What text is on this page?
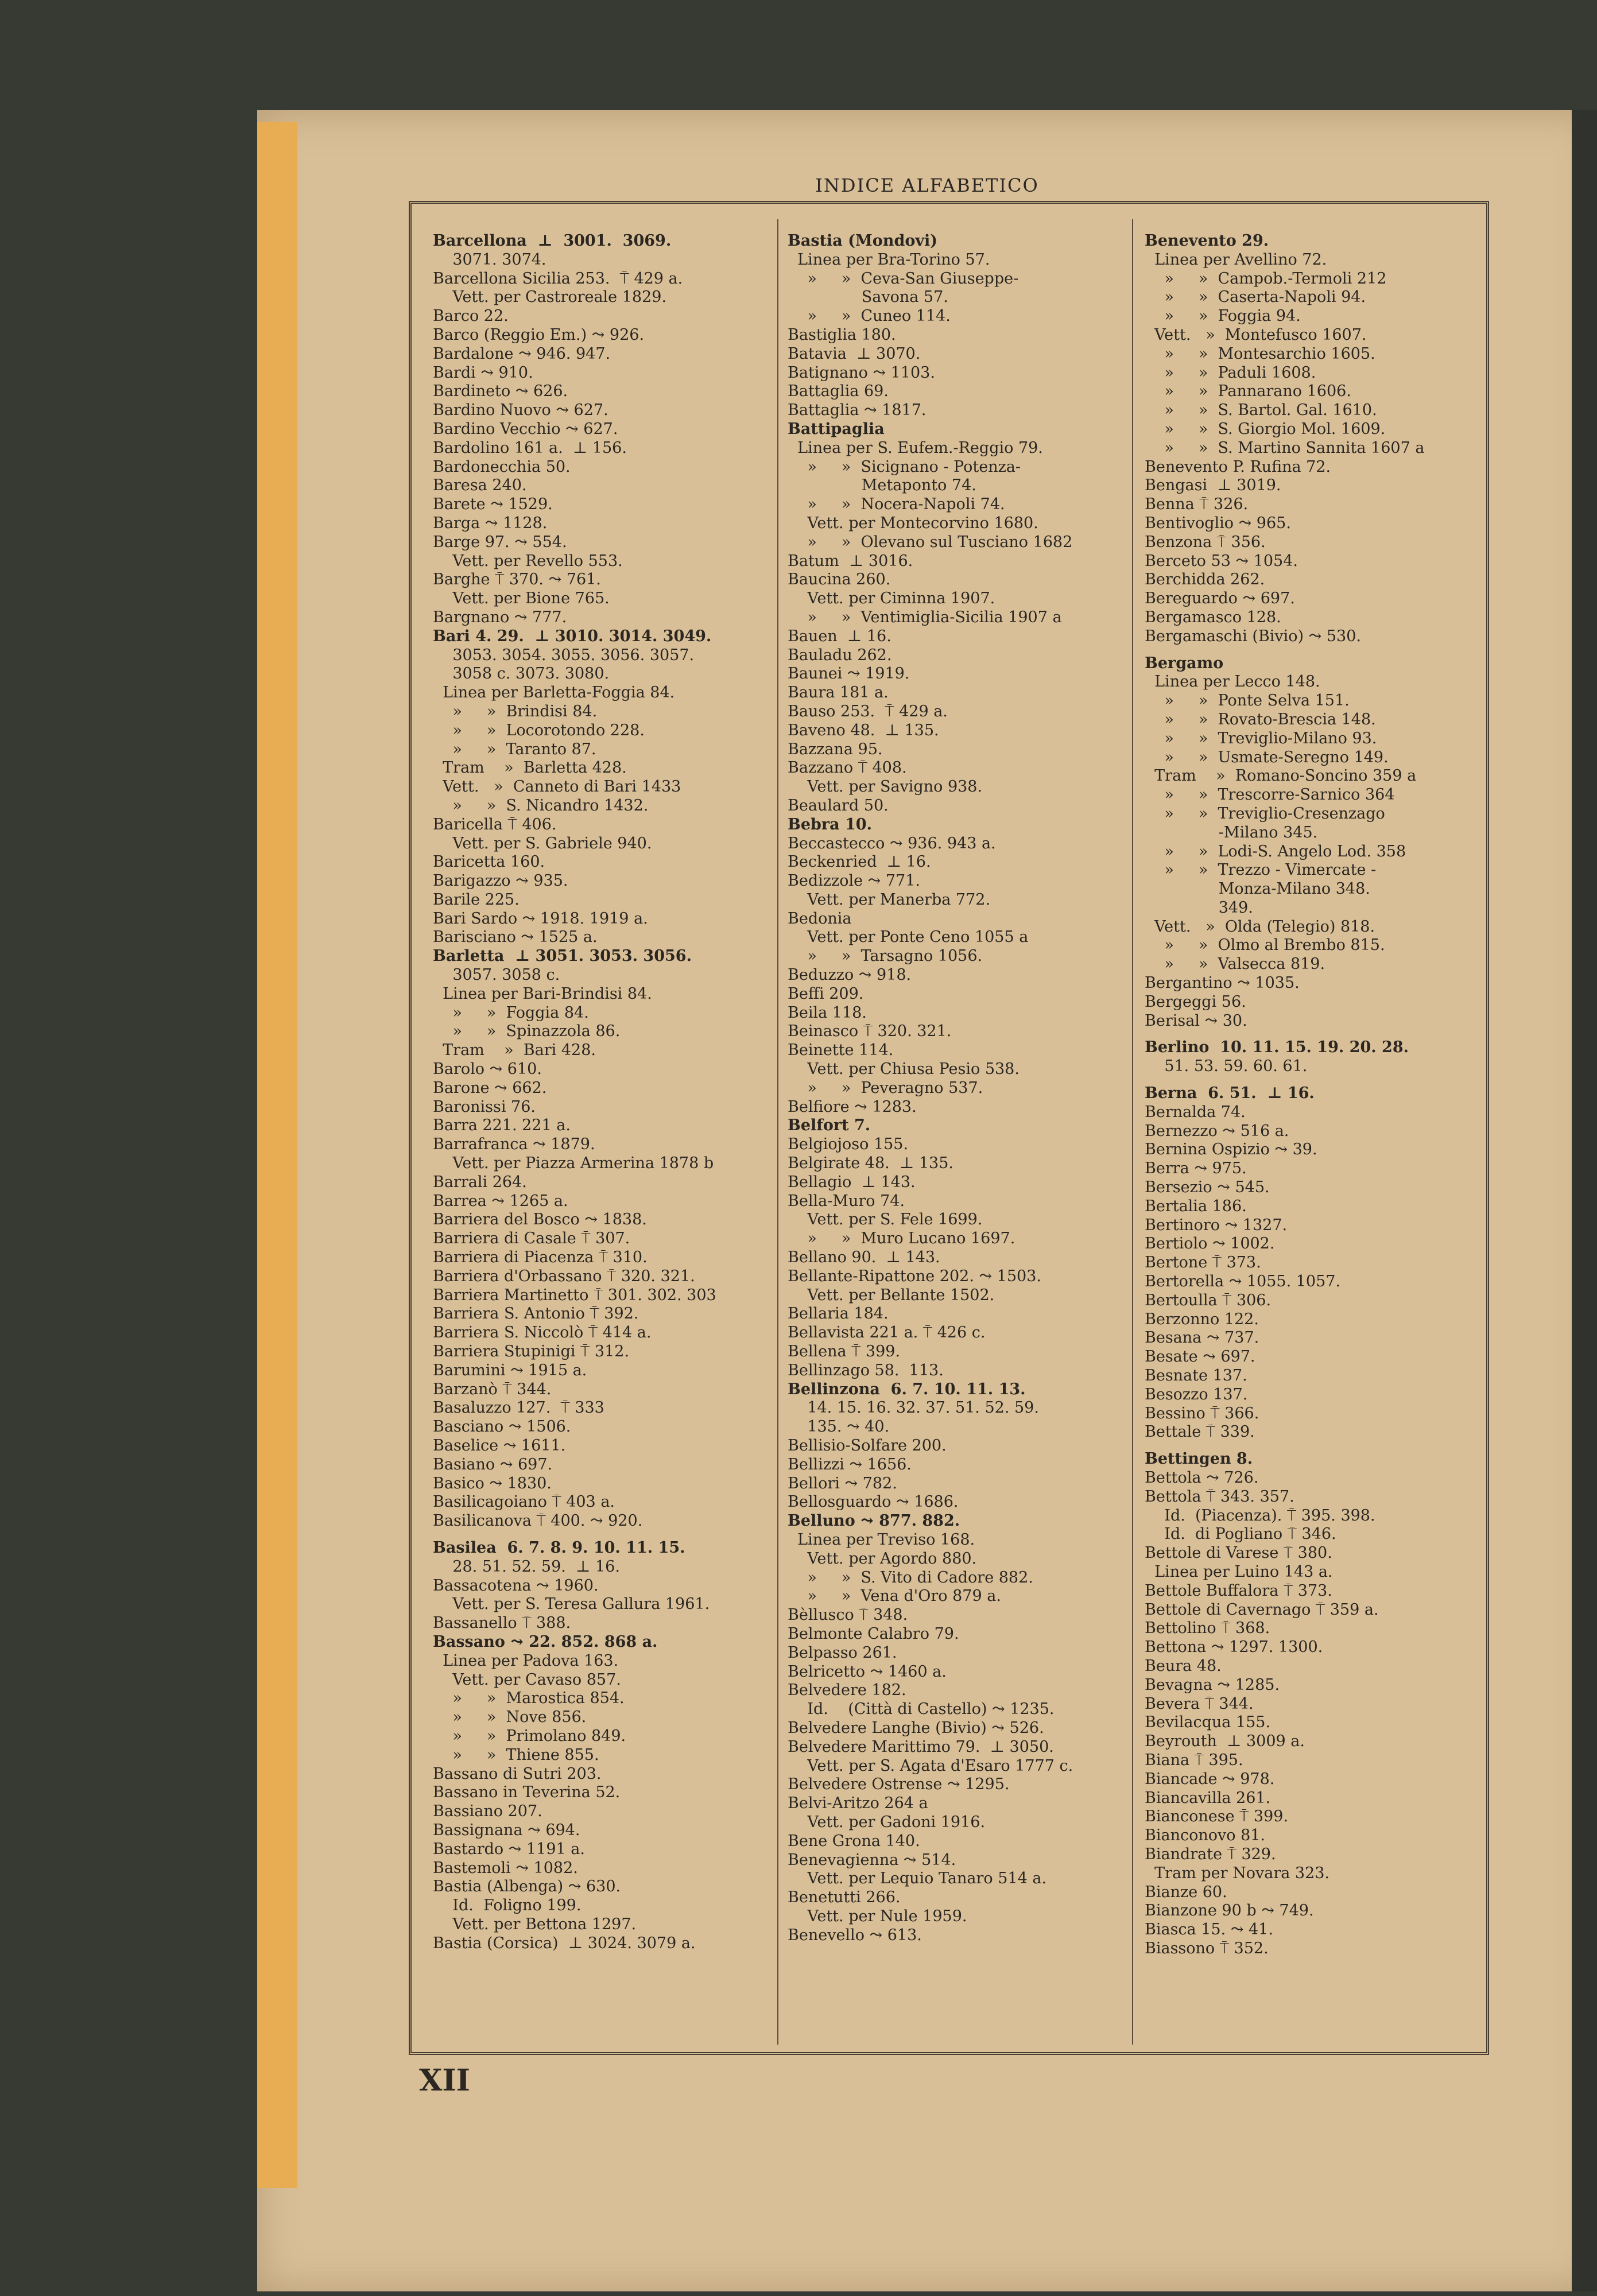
INDICE ALFABETICO
Barcellona  ⊥  3001.  3069.
3071. 3074.
Barcellona Sicilia 253.  ⍑ 429 a.
Vett. per Castroreale 1829.
Barco 22.
Barco (Reggio Em.) ⤳ 926.
Bardalone ⤳ 946. 947.
Bardi ⤳ 910.
Bardineto ⤳ 626.
Bardino Nuovo ⤳ 627.
Bardino Vecchio ⤳ 627.
Bardolino 161 a.  ⊥ 156.
Bardonecchia 50.
Baresa 240.
Barete ⤳ 1529.
Barga ⤳ 1128.
Barge 97. ⤳ 554.
Vett. per Revello 553.
Barghe ⍑ 370. ⤳ 761.
Vett. per Bione 765.
Bargnano ⤳ 777.
Bari 4. 29.  ⊥ 3010. 3014. 3049.
3053. 3054. 3055. 3056. 3057.
3058 c. 3073. 3080.
Linea per Barletta-Foggia 84.
»     »  Brindisi 84.
»     »  Locorotondo 228.
»     »  Taranto 87.
Tram    »  Barletta 428.
Vett.   »  Canneto di Bari 1433
»     »  S. Nicandro 1432.
Baricella ⍑ 406.
Vett. per S. Gabriele 940.
Baricetta 160.
Barigazzo ⤳ 935.
Barile 225.
Bari Sardo ⤳ 1918. 1919 a.
Barisciano ⤳ 1525 a.
Barletta  ⊥ 3051. 3053. 3056.
3057. 3058 c.
Linea per Bari-Brindisi 84.
»     »  Foggia 84.
»     »  Spinazzola 86.
Tram    »  Bari 428.
Barolo ⤳ 610.
Barone ⤳ 662.
Baronissi 76.
Barra 221. 221 a.
Barrafranca ⤳ 1879.
Vett. per Piazza Armerina 1878 b
Barrali 264.
Barrea ⤳ 1265 a.
Barriera del Bosco ⤳ 1838.
Barriera di Casale ⍑ 307.
Barriera di Piacenza ⍑ 310.
Barriera d'Orbassano ⍑ 320. 321.
Barriera Martinetto ⍑ 301. 302. 303
Barriera S. Antonio ⍑ 392.
Barriera S. Niccolò ⍑ 414 a.
Barriera Stupinigi ⍑ 312.
Barumini ⤳ 1915 a.
Barzanò ⍑ 344.
Basaluzzo 127.  ⍑ 333
Basciano ⤳ 1506.
Baselice ⤳ 1611.
Basiano ⤳ 697.
Basico ⤳ 1830.
Basilicagoiano ⍑ 403 a.
Basilicanova ⍑ 400. ⤳ 920.
Basilea  6. 7. 8. 9. 10. 11. 15.
28. 51. 52. 59.  ⊥ 16.
Bassacotena ⤳ 1960.
Vett. per S. Teresa Gallura 1961.
Bassanello ⍑ 388.
Bassano ⤳ 22. 852. 868 a.
Linea per Padova 163.
Vett. per Cavaso 857.
»     »  Marostica 854.
»     »  Nove 856.
»     »  Primolano 849.
»     »  Thiene 855.
Bassano di Sutri 203.
Bassano in Teverina 52.
Bassiano 207.
Bassignana ⤳ 694.
Bastardo ⤳ 1191 a.
Bastemoli ⤳ 1082.
Bastia (Albenga) ⤳ 630.
Id.  Foligno 199.
Vett. per Bettona 1297.
Bastia (Corsica)  ⊥ 3024. 3079 a.
Bastia (Mondovi)
Linea per Bra-Torino 57.
»     »  Ceva-San Giuseppe-
Savona 57.
»     »  Cuneo 114.
Bastiglia 180.
Batavia  ⊥ 3070.
Batignano ⤳ 1103.
Battaglia 69.
Battaglia ⤳ 1817.
Battipaglia
Linea per S. Eufem.-Reggio 79.
»     »  Sicignano - Potenza-
Metaponto 74.
»     »  Nocera-Napoli 74.
Vett. per Montecorvino 1680.
»     »  Olevano sul Tusciano 1682
Batum  ⊥ 3016.
Baucina 260.
Vett. per Ciminna 1907.
»     »  Ventimiglia-Sicilia 1907 a
Bauen  ⊥ 16.
Bauladu 262.
Baunei ⤳ 1919.
Baura 181 a.
Bauso 253.  ⍑ 429 a.
Baveno 48.  ⊥ 135.
Bazzana 95.
Bazzano ⍑ 408.
Vett. per Savigno 938.
Beaulard 50.
Bebra 10.
Beccastecco ⤳ 936. 943 a.
Beckenried  ⊥ 16.
Bedizzole ⤳ 771.
Vett. per Manerba 772.
Bedonia
Vett. per Ponte Ceno 1055 a
»     »  Tarsagno 1056.
Beduzzo ⤳ 918.
Beffi 209.
Beila 118.
Beinasco ⍑ 320. 321.
Beinette 114.
Vett. per Chiusa Pesio 538.
»     »  Peveragno 537.
Belfiore ⤳ 1283.
Belfort 7.
Belgiojoso 155.
Belgirate 48.  ⊥ 135.
Bellagio  ⊥ 143.
Bella-Muro 74.
Vett. per S. Fele 1699.
»     »  Muro Lucano 1697.
Bellano 90.  ⊥ 143.
Bellante-Ripattone 202. ⤳ 1503.
Vett. per Bellante 1502.
Bellaria 184.
Bellavista 221 a. ⍑ 426 c.
Bellena ⍑ 399.
Bellinzago 58.  113.
Bellinzona  6. 7. 10. 11. 13.
14. 15. 16. 32. 37. 51. 52. 59.
135. ⤳ 40.
Bellisio-Solfare 200.
Bellizzi ⤳ 1656.
Bellori ⤳ 782.
Bellosguardo ⤳ 1686.
Belluno ⤳ 877. 882.
Linea per Treviso 168.
Vett. per Agordo 880.
»     »  S. Vito di Cadore 882.
»     »  Vena d'Oro 879 a.
Bèllusco ⍑ 348.
Belmonte Calabro 79.
Belpasso 261.
Belricetto ⤳ 1460 a.
Belvedere 182.
Id.    (Città di Castello) ⤳ 1235.
Belvedere Langhe (Bivio) ⤳ 526.
Belvedere Marittimo 79.  ⊥ 3050.
Vett. per S. Agata d'Esaro 1777 c.
Belvedere Ostrense ⤳ 1295.
Belvi-Aritzo 264 a
Vett. per Gadoni 1916.
Bene Grona 140.
Benevagienna ⤳ 514.
Vett. per Lequio Tanaro 514 a.
Benetutti 266.
Vett. per Nule 1959.
Benevello ⤳ 613.
Benevento 29.
Linea per Avellino 72.
»     »  Campob.-Termoli 212
»     »  Caserta-Napoli 94.
»     »  Foggia 94.
Vett.   »  Montefusco 1607.
»     »  Montesarchio 1605.
»     »  Paduli 1608.
»     »  Pannarano 1606.
»     »  S. Bartol. Gal. 1610.
»     »  S. Giorgio Mol. 1609.
»     »  S. Martino Sannita 1607 a
Benevento P. Rufina 72.
Bengasi  ⊥ 3019.
Benna ⍑ 326.
Bentivoglio ⤳ 965.
Benzona ⍑ 356.
Berceto 53 ⤳ 1054.
Berchidda 262.
Bereguardo ⤳ 697.
Bergamasco 128.
Bergamaschi (Bivio) ⤳ 530.
Bergamo
Linea per Lecco 148.
»     »  Ponte Selva 151.
»     »  Rovato-Brescia 148.
»     »  Treviglio-Milano 93.
»     »  Usmate-Seregno 149.
Tram    »  Romano-Soncino 359 a
»     »  Trescorre-Sarnico 364
»     »  Treviglio-Cresenzago
-Milano 345.
»     »  Lodi-S. Angelo Lod. 358
»     »  Trezzo - Vimercate -
Monza-Milano 348.
349.
Vett.   »  Olda (Telegio) 818.
»     »  Olmo al Brembo 815.
»     »  Valsecca 819.
Bergantino ⤳ 1035.
Bergeggi 56.
Berisal ⤳ 30.
Berlino  10. 11. 15. 19. 20. 28.
51. 53. 59. 60. 61.
Berna  6. 51.  ⊥ 16.
Bernalda 74.
Bernezzo ⤳ 516 a.
Bernina Ospizio ⤳ 39.
Berra ⤳ 975.
Bersezio ⤳ 545.
Bertalia 186.
Bertinoro ⤳ 1327.
Bertiolo ⤳ 1002.
Bertone ⍑ 373.
Bertorella ⤳ 1055. 1057.
Bertoulla ⍑ 306.
Berzonno 122.
Besana ⤳ 737.
Besate ⤳ 697.
Besnate 137.
Besozzo 137.
Bessino ⍑ 366.
Bettale ⍑ 339.
Bettingen 8.
Bettola ⤳ 726.
Bettola ⍑ 343. 357.
Id.  (Piacenza). ⍑ 395. 398.
Id.  di Pogliano ⍑ 346.
Bettole di Varese ⍑ 380.
Linea per Luino 143 a.
Bettole Buffalora ⍑ 373.
Bettole di Cavernago ⍑ 359 a.
Bettolino ⍑ 368.
Bettona ⤳ 1297. 1300.
Beura 48.
Bevagna ⤳ 1285.
Bevera ⍑ 344.
Bevilacqua 155.
Beyrouth  ⊥ 3009 a.
Biana ⍑ 395.
Biancade ⤳ 978.
Biancavilla 261.
Bianconese ⍑ 399.
Bianconovo 81.
Biandrate ⍑ 329.
Tram per Novara 323.
Bianze 60.
Bianzone 90 b ⤳ 749.
Biasca 15. ⤳ 41.
Biassono ⍑ 352.
XII
